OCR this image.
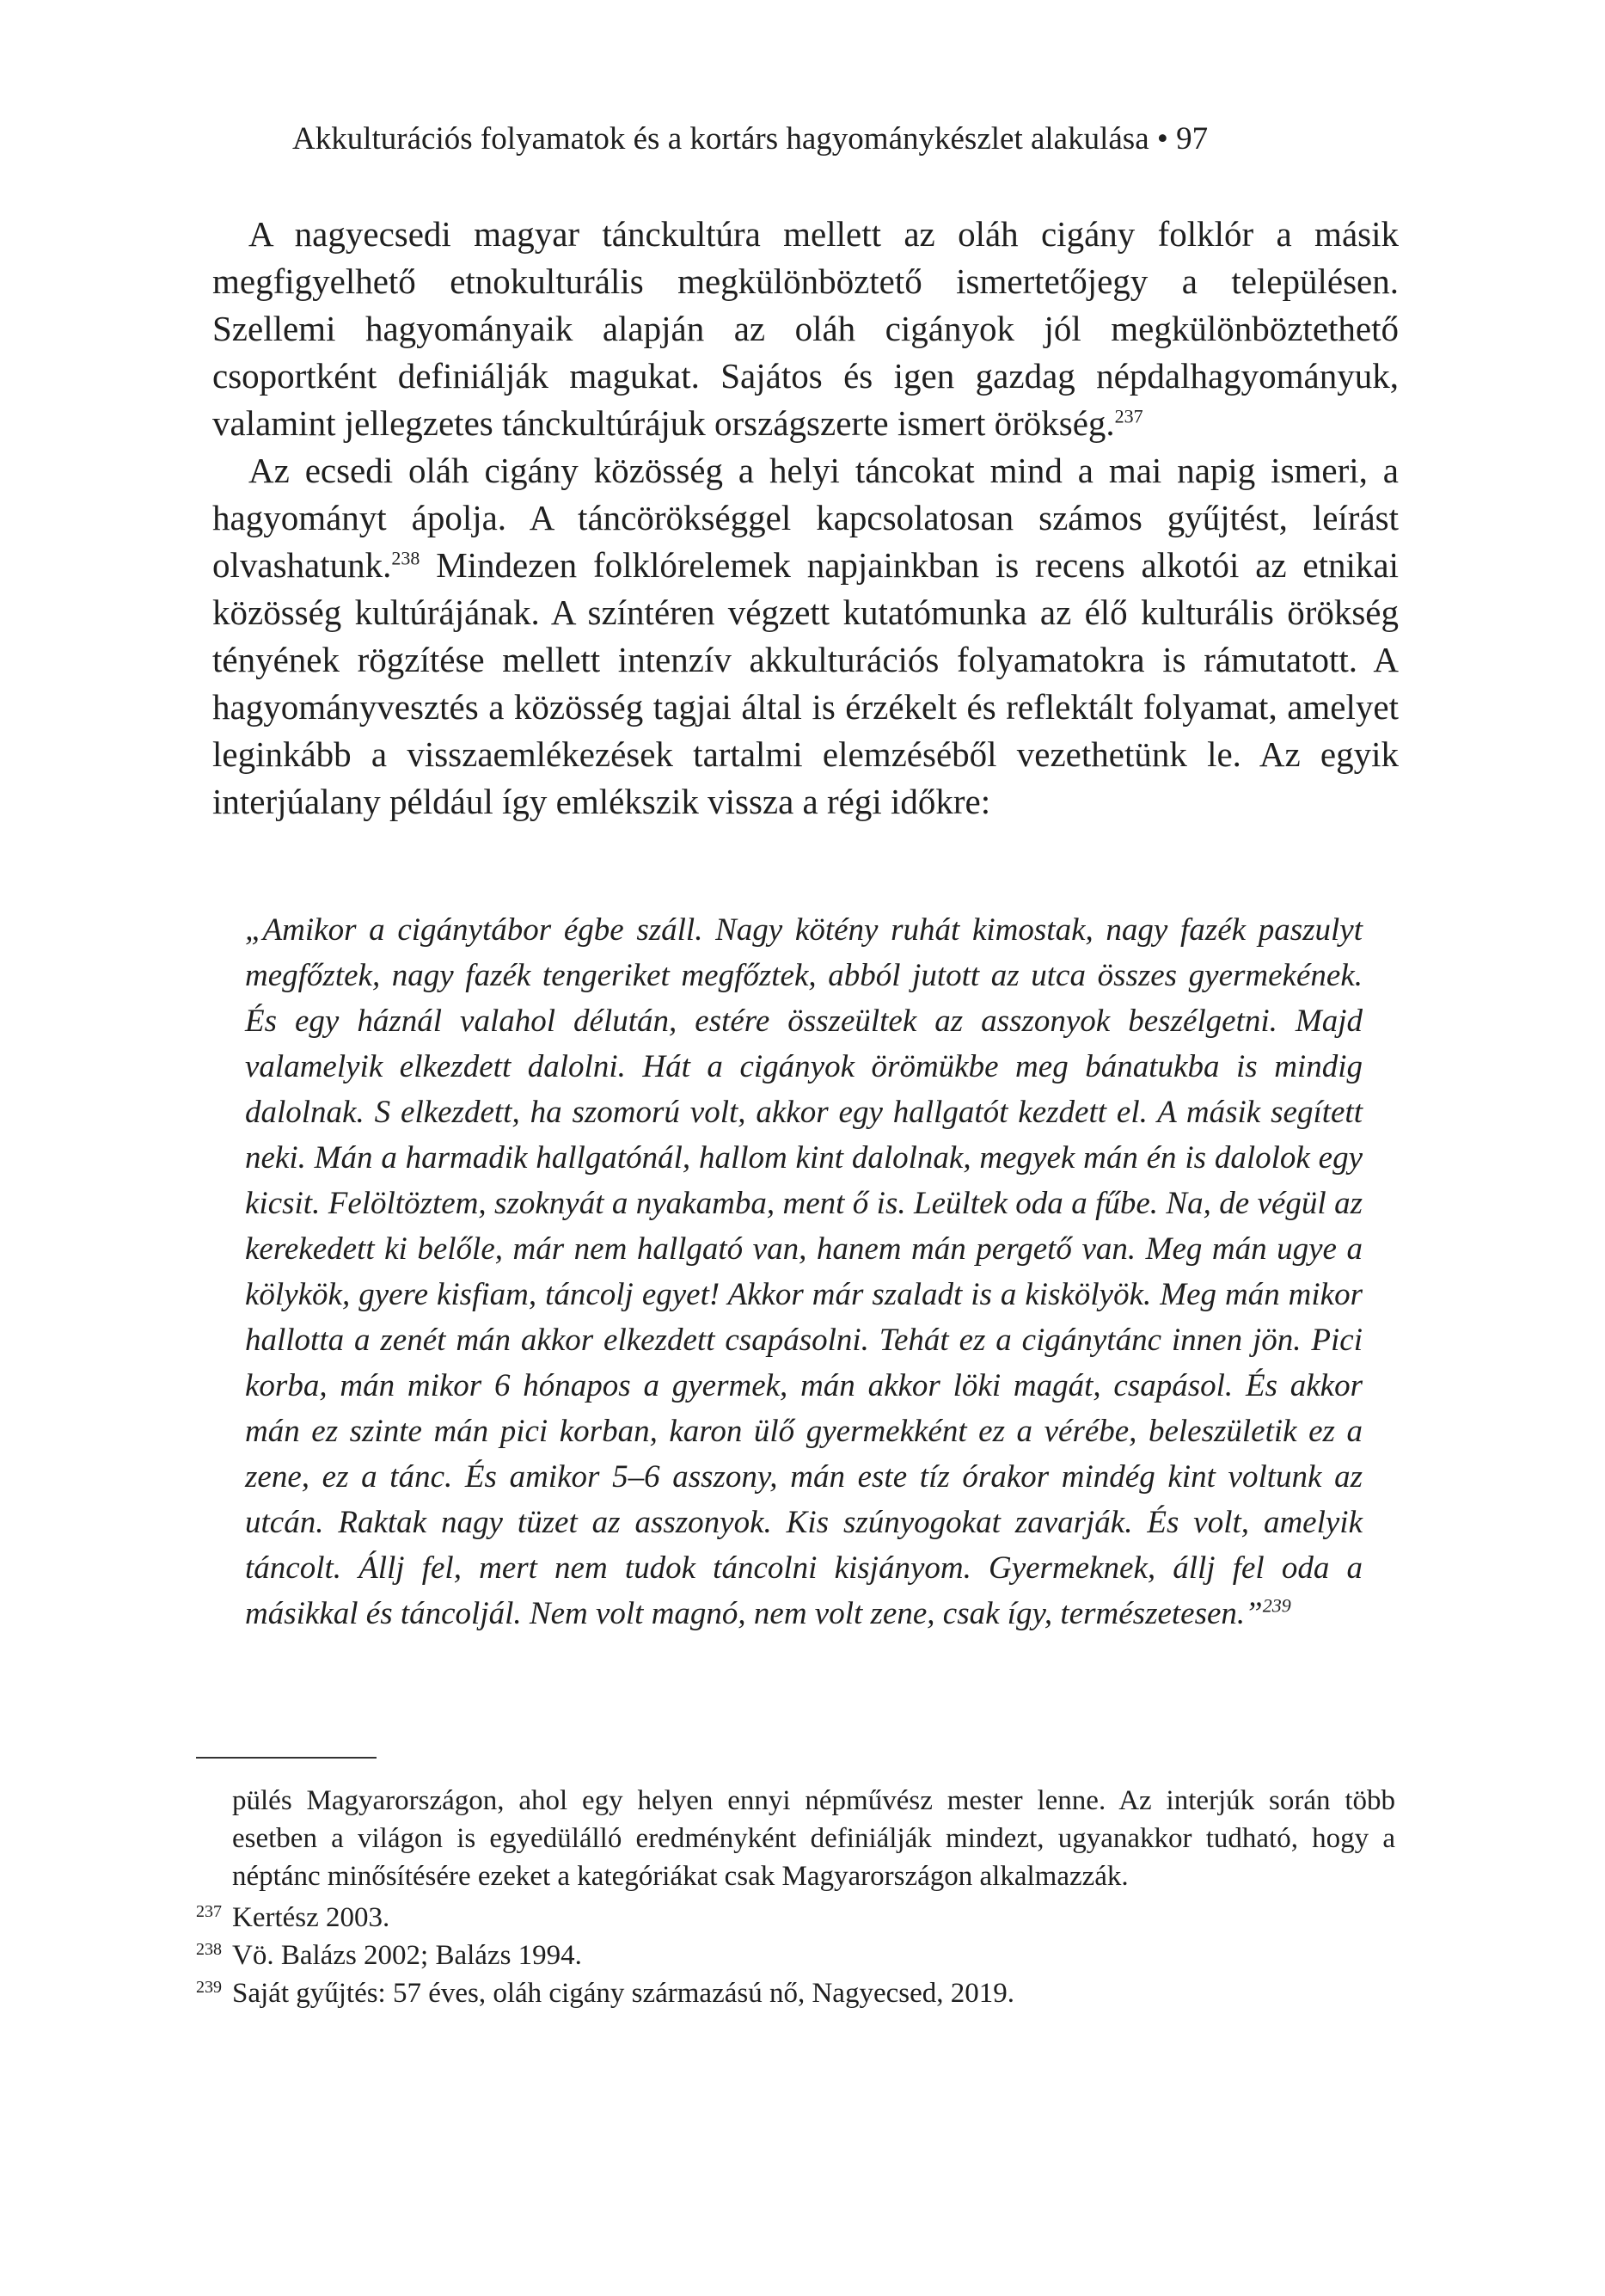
Akkulturációs folyamatok és a kortárs hagyománykészlet alakulása • 97

A nagyecsedi magyar tánckultúra mellett az oláh cigány folklór a másik megfigyelhető etnokulturális megkülönböztető ismertetőjegy a településen. Szellemi hagyományaik alapján az oláh cigányok jól megkülönböztethető csoportként definiálják magukat. Sajátos és igen gazdag népdalhagyományuk, valamint jellegzetes tánckultúrájuk országszerte ismert örökség.$^{237}$

Az ecsedi oláh cigány közösség a helyi táncokat mind a mai napig ismeri, a hagyományt ápolja. A táncörökséggel kapcsolatosan számos gyűjtést, leírást olvashatunk.$^{238}$ Mindezen folklórelemek napjainkban is recens alkotói az etnikai közösség kultúrájának. A színtéren végzett kutatómunka az élő kulturális örökség tényének rögzítése mellett intenzív akkulturációs folyamatokra is rámutatott. A hagyományvesztés a közösség tagjai által is érzékelt és reflektált folyamat, amelyet leginkább a visszaemlékezések tartalmi elemzéséből vezethetünk le. Az egyik interjúalany például így emlékszik vissza a régi időkre:

„Amikor a cigánytábor égbe száll. Nagy kötény ruhát kimostak, nagy fazék paszulyt megfőztek, nagy fazék tengeriket megfőztek, abból jutott az utca összes gyermekének. És egy háznál valahol délután, estére összeültek az asszonyok beszélgetni. Majd valamelyik elkezdett dalolni. Hát a cigányok örömükbe meg bánatukba is mindig dalolnak. S elkezdett, ha szomorú volt, akkor egy hallgatót kezdett el. A másik segített neki. Mán a harmadik hallgatónál, hallom kint dalolnak, megyek mán én is dalolok egy kicsit. Felöltöztem, szoknyát a nyakamba, ment ő is. Leültek oda a fűbe. Na, de végül az kerekedett ki belőle, már nem hallgató van, hanem mán pergető van. Meg mán ugye a kölykök, gyere kisfiam, táncolj egyet! Akkor már szaladt is a kiskölyök. Meg mán mikor hallotta a zenét mán akkor elkezdett csapásolni. Tehát ez a cigánytánc innen jön. Pici korba, mán mikor 6 hónapos a gyermek, mán akkor löki magát, csapásol. És akkor mán ez szinte mán pici korban, karon ülő gyermekként ez a vérébe, beleszületik ez a zene, ez a tánc. És amikor 5–6 asszony, mán este tíz órakor mindég kint voltunk az utcán. Raktak nagy tüzet az asszonyok. Kis szúnyogokat zavarják. És volt, amelyik táncolt. Állj fel, mert nem tudok táncolni kisjányom. Gyermeknek, állj fel oda a másikkal és táncoljál. Nem volt magnó, nem volt zene, csak így, természetesen.”$^{239}$

pülés Magyarországon, ahol egy helyen ennyi népművész mester lenne. Az interjúk során több esetben a világon is egyedülálló eredményként definiálják mindezt, ugyanakkor tudható, hogy a néptánc minősítésére ezeket a kategóriákat csak Magyarországon alkalmazzák.

237 Kertész 2003.
238 Vö. Balázs 2002; Balázs 1994.
239 Saját gyűjtés: 57 éves, oláh cigány származású nő, Nagyecsed, 2019.
